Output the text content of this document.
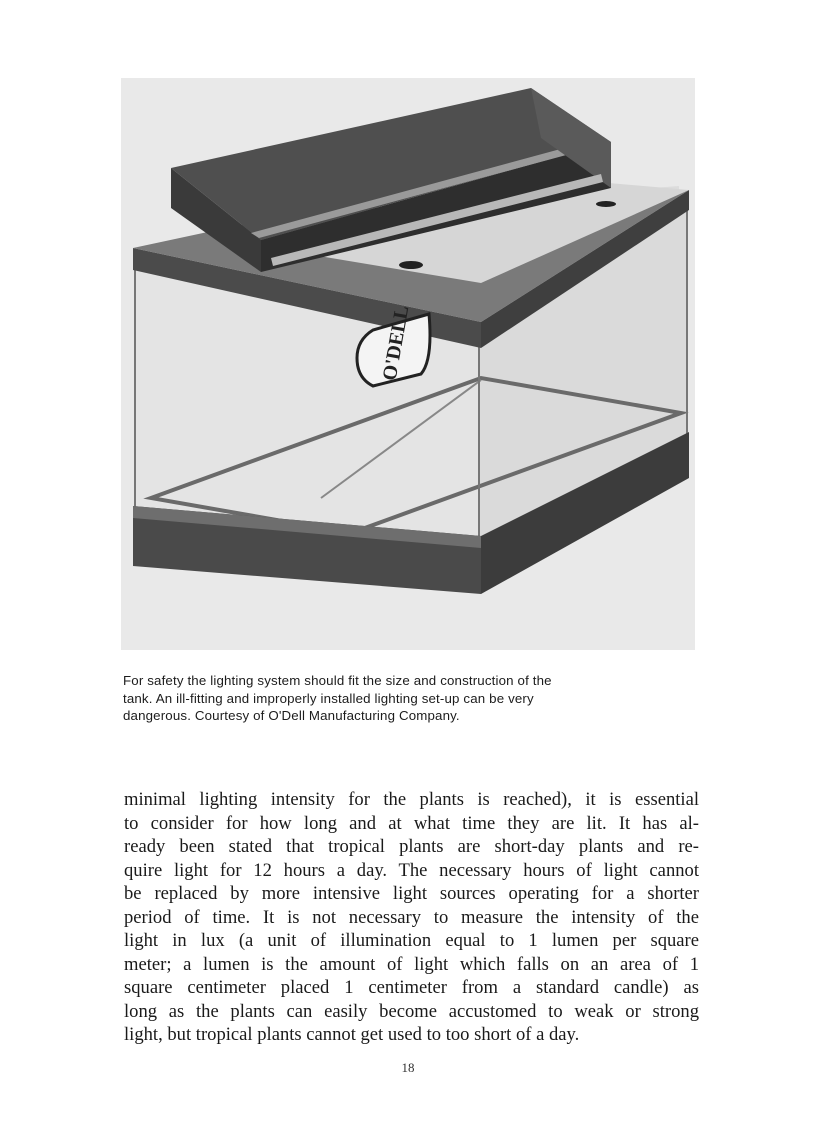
O'DELL
For safety the lighting system should fit the size and construction of the
tank. An ill-fitting and improperly installed lighting set-up can be very
dangerous. Courtesy of O'Dell Manufacturing Company.
minimal lighting intensity for the plants is reached), it is essential
to consider for how long and at what time they are lit. It has al-
ready been stated that tropical plants are short-day plants and re-
quire light for 12 hours a day. The necessary hours of light cannot
be replaced by more intensive light sources operating for a shorter
period of time. It is not necessary to measure the intensity of the
light in lux (a unit of illumination equal to 1 lumen per square
meter; a lumen is the amount of light which falls on an area of 1
square centimeter placed 1 centimeter from a standard candle) as
long as the plants can easily become accustomed to weak or strong
light, but tropical plants cannot get used to too short of a day.
18
